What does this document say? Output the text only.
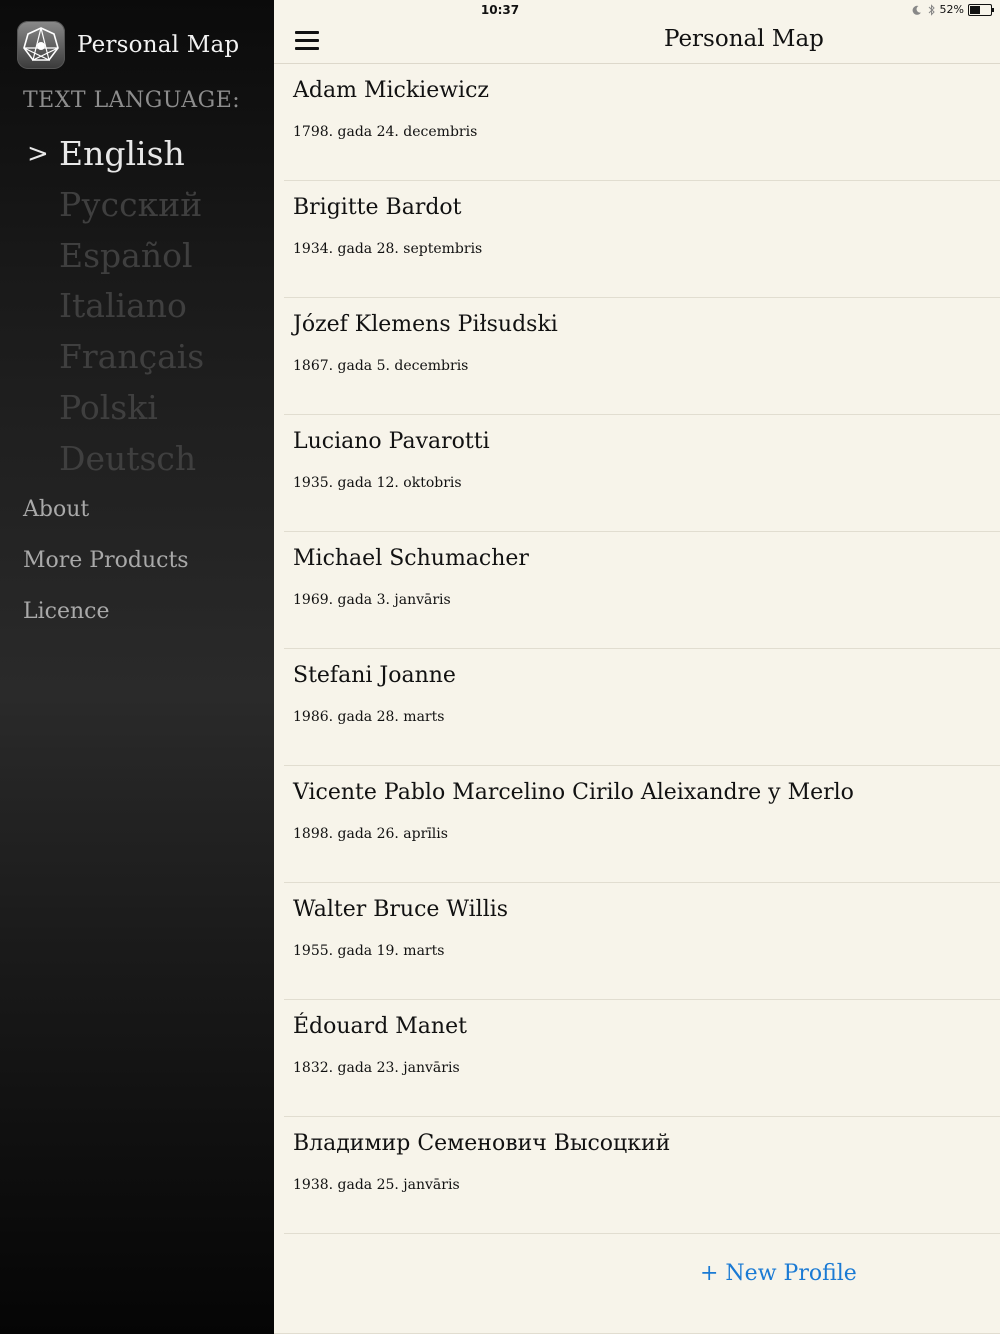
Personal Map
TEXT LANGUAGE:
> English
Русский
Español
Italiano
Français
Polski
Deutsch
About
More Products
Licence
10:37	52%
Personal Map
Adam Mickiewicz
1798. gada 24. decembris
Brigitte Bardot
1934. gada 28. septembris
Józef Klemens Piłsudski
1867. gada 5. decembris
Luciano Pavarotti
1935. gada 12. oktobris
Michael Schumacher
1969. gada 3. janvāris
Stefani Joanne
1986. gada 28. marts
Vicente Pablo Marcelino Cirilo Aleixandre y Merlo
1898. gada 26. aprīlis
Walter Bruce Willis
1955. gada 19. marts
Édouard Manet
1832. gada 23. janvāris
Владимир Семенович Высоцкий
1938. gada 25. janvāris
+ New Profile
